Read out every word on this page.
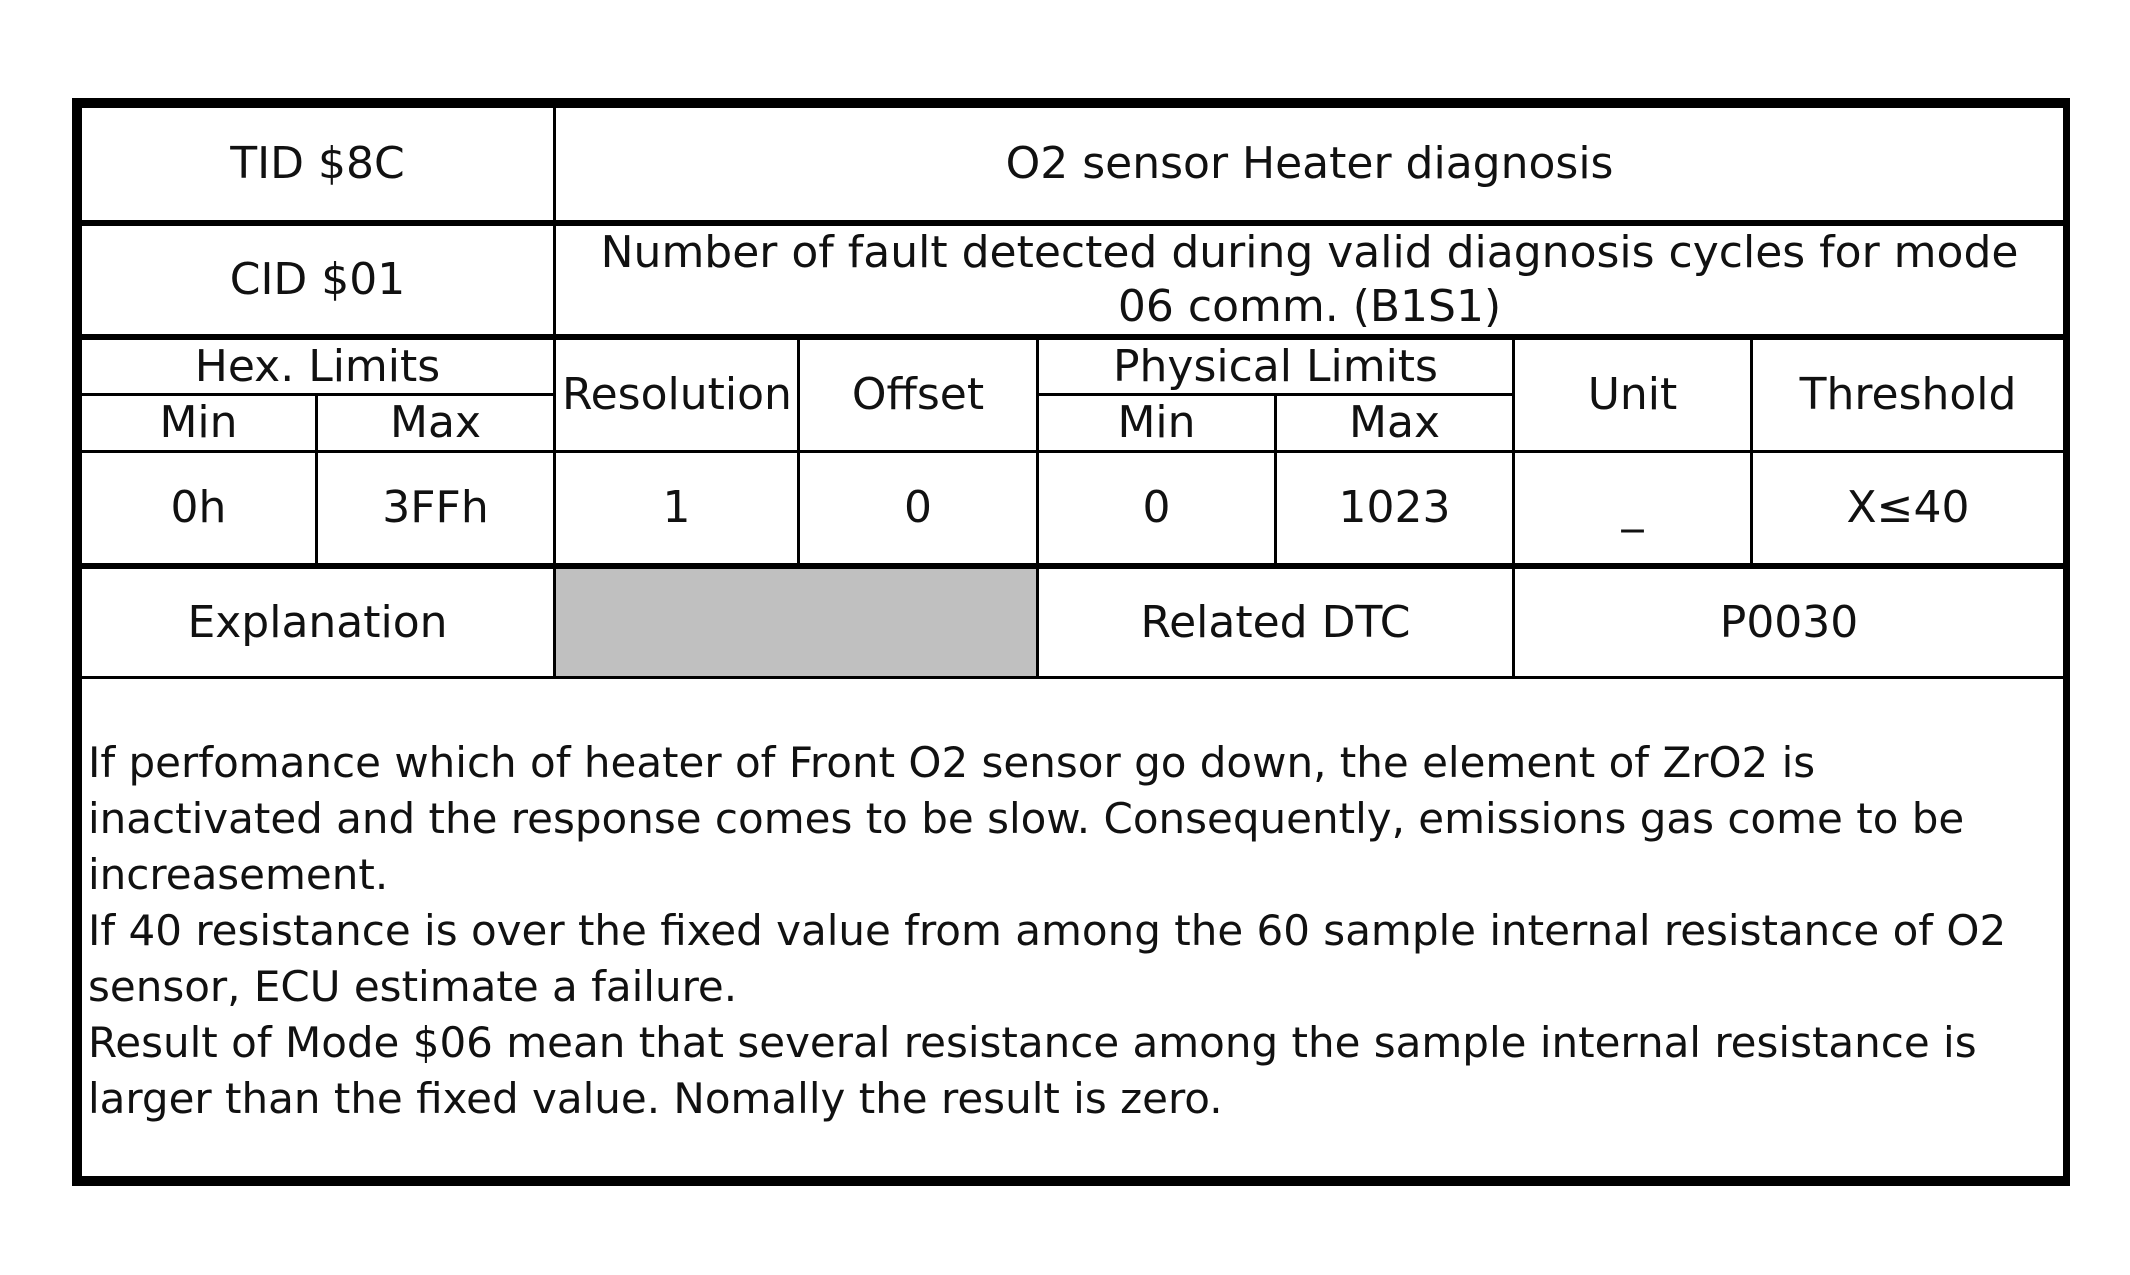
TID $8C		O2 sensor Heater diagnosis					
CID $01		Number of fault detected during valid diagnosis cycles for mode 06 comm. (B1S1)					
Hex. Limits		Resolution	Offset	Physical Limits		Unit	Threshold
Min	Max			Min	Max		
0h	3FFh	1	0	0	1023	_	X≤40
Explanation				Related DTC		P0030	

If perfomance which of heater of Front O2 sensor go down, the element of ZrO2 is inactivated and the response comes to be slow. Consequently, emissions gas come to be increasement.
If 40 resistance is over the fixed value from among the 60 sample internal resistance of O2 sensor, ECU estimate a failure.
Result of Mode $06 mean that several resistance among the sample internal resistance is larger than the fixed value. Nomally the result is zero.							
